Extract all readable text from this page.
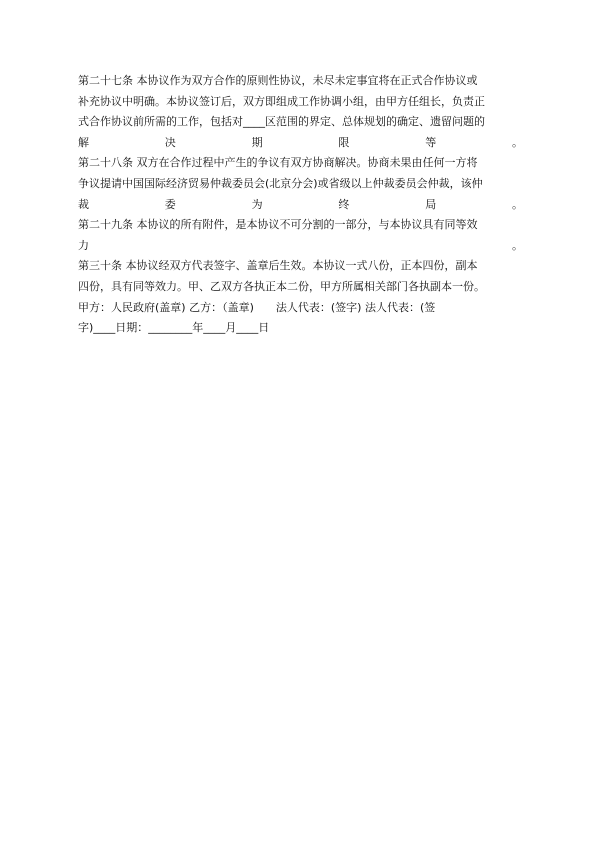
第二十七条 本协议作为双方合作的原则性协议，未尽未定事宜将在正式合作协议或
补充协议中明确。本协议签订后，双方即组成工作协调小组，由甲方任组长，负责正
式合作协议前所需的工作，包括对____区范围的界定、总体规划的确定、遗留问题的
解	决	期	限	等	。
第二十八条 双方在合作过程中产生的争议有双方协商解决。协商未果由任何一方将
争议提请中国国际经济贸易仲裁委员会(北京分会)或省级以上仲裁委员会仲裁，该仲
裁	委	为	终	局	。
第二十九条 本协议的所有附件，是本协议不可分割的一部分，与本协议具有同等效
力	。
第三十条 本协议经双方代表签字、盖章后生效。本协议一式八份，正本四份，副本
四份，具有同等效力。甲、乙双方各执正本二份，甲方所属相关部门各执副本一份。
甲方：人民政府(盖章) 乙方：（盖章)　　法人代表：(签字) 法人代表：(签
字)____日期：________年____月____日
